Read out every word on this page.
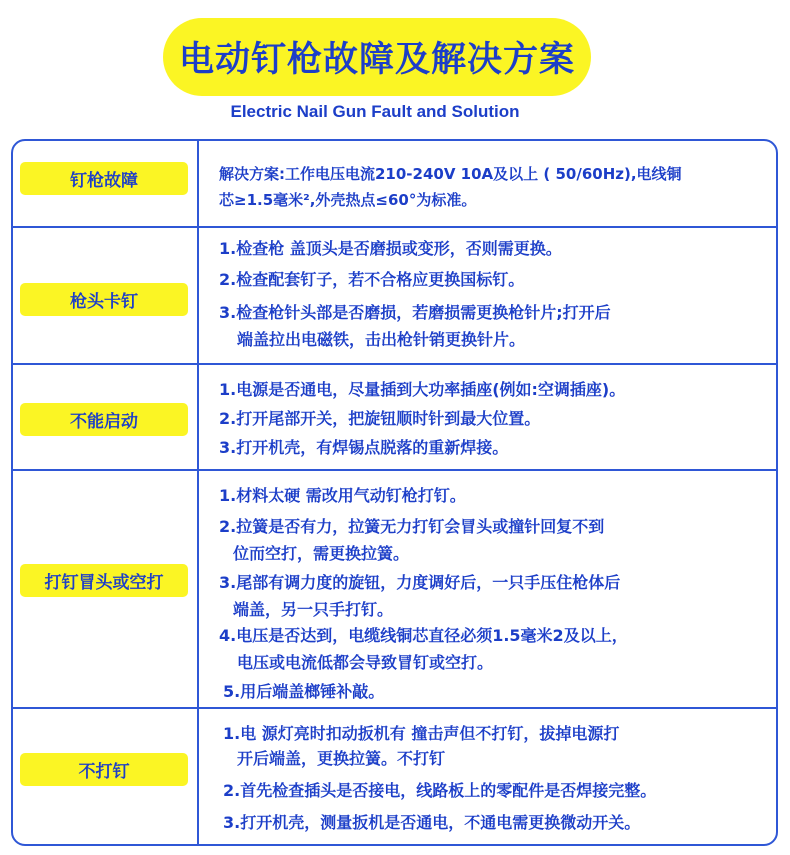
电动钉枪故障及解决方案
Electric Nail Gun Fault and Solution
钉枪故障	解决方案:工作电压电流210-240V 10A及以上 ( 50/60Hz),电线铜
芯≥1.5毫米²,外壳热点≤60°为标准。
枪头卡钉
1.检查枪 盖顶头是否磨损或变形，否则需更换。
2.检查配套钉子，若不合格应更换国标钉。
3.检查枪针头部是否磨损，若磨损需更换枪针片;打开后
端盖拉出电磁铁，击出枪针销更换针片。
不能启动
1.电源是否通电，尽量插到大功率插座(例如:空调插座)。
2.打开尾部开关，把旋钮顺时针到最大位置。
3.打开机壳，有焊锡点脱落的重新焊接。
打钉冒头或空打
1.材料太硬 需改用气动钉枪打钉。
2.拉簧是否有力，拉簧无力打钉会冒头或撞针回复不到
位而空打，需更换拉簧。
3.尾部有调力度的旋钮，力度调好后，一只手压住枪体后
端盖，另一只手打钉。
4.电压是否达到，电缆线铜芯直径必须1.5毫米2及以上，
电压或电流低都会导致冒钉或空打。
5.用后端盖榔锤补敲。
不打钉
1.电 源灯亮时扣动扳机有 撞击声但不打钉，拔掉电源打
开后端盖，更换拉簧。不打钉
2.首先检查插头是否接电，线路板上的零配件是否焊接完整。
3.打开机壳，测量扳机是否通电，不通电需更换微动开关。
